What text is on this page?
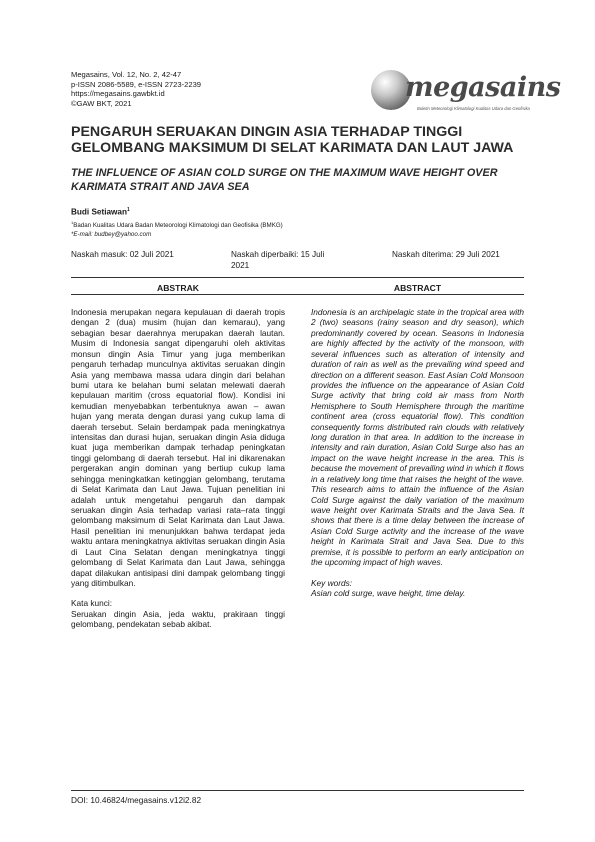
Megasains, Vol. 12, No. 2, 42-47
p-ISSN 2086-5589, e-ISSN 2723-2239
https://megasains.gawbkt.id
©GAW BKT, 2021
megasains
Buletin Meteorologi Klimatologi Kualitas Udara dan Geofisika
PENGARUH SERUAKAN DINGIN ASIA TERHADAP TINGGI GELOMBANG MAKSIMUM DI SELAT KARIMATA DAN LAUT JAWA
THE INFLUENCE OF ASIAN COLD SURGE ON THE MAXIMUM WAVE HEIGHT OVER KARIMATA STRAIT AND JAVA SEA
Budi Setiawan$^1$
$^1$Badan Kualitas Udara Badan Meteorologi Klimatologi dan Geofisika (BMKG)
*E-mail: budbey@yahoo.com
Naskah masuk: 02 Juli 2021	Naskah diperbaiki: 15 Juli
2021
Naskah diterima: 29 Juli 2021
ABSTRAK	ABSTRACT
Indonesia merupakan negara kepulauan di daerah tropis dengan 2 (dua) musim (hujan dan kemarau), yang sebagian besar daerahnya merupakan daerah lautan. Musim di Indonesia sangat dipengaruhi oleh aktivitas monsun dingin Asia Timur yang juga memberikan pengaruh terhadap munculnya aktivitas seruakan dingin Asia yang membawa massa udara dingin dari belahan bumi utara ke belahan bumi selatan melewati daerah kepulauan maritim (cross equatorial flow). Kondisi ini kemudian menyebabkan terbentuknya awan – awan hujan yang merata dengan durasi yang cukup lama di daerah tersebut. Selain berdampak pada meningkatnya intensitas dan durasi hujan, seruakan dingin Asia diduga kuat juga memberikan dampak terhadap peningkatan tinggi gelombang di daerah tersebut. Hal ini dikarenakan pergerakan angin dominan yang bertiup cukup lama sehingga meningkatkan ketinggian gelombang, terutama di Selat Karimata dan Laut Jawa. Tujuan penelitian ini adalah untuk mengetahui pengaruh dan dampak seruakan dingin Asia terhadap variasi rata–rata tinggi gelombang maksimum di Selat Karimata dan Laut Jawa. Hasil penelitian ini menunjukkan bahwa terdapat jeda waktu antara meningkatnya aktivitas seruakan dingin Asia di Laut Cina Selatan dengan meningkatnya tinggi gelombang di Selat Karimata dan Laut Jawa, sehingga dapat dilakukan antisipasi dini dampak gelombang tinggi yang ditimbulkan.
Kata kunci:
Seruakan dingin Asia, jeda waktu, prakiraan tinggi gelombang, pendekatan sebab akibat.
Indonesia is an archipelagic state in the tropical area with 2 (two) seasons (rainy season and dry season), which predominantly covered by ocean. Seasons in Indonesia are highly affected by the activity of the monsoon, with several influences such as alteration of intensity and duration of rain as well as the prevailing wind speed and direction on a different season. East Asian Cold Monsoon provides the influence on the appearance of Asian Cold Surge activity that bring cold air mass from North Hemisphere to South Hemisphere through the maritime continent area (cross equatorial flow). This condition consequently forms distributed rain clouds with relatively long duration in that area. In addition to the increase in intensity and rain duration, Asian Cold Surge also has an impact on the wave height increase in the area. This is because the movement of prevailing wind in which it flows in a relatively long time that raises the height of the wave. This research aims to attain the influence of the Asian Cold Surge against the daily variation of the maximum wave height over Karimata Straits and the Java Sea. It shows that there is a time delay between the increase of Asian Cold Surge activity and the increase of the wave height in Karimata Strait and Java Sea. Due to this premise, it is possible to perform an early anticipation on the upcoming impact of high waves.
Key words:
Asian cold surge, wave height, time delay.
DOI: 10.46824/megasains.v12i2.82
